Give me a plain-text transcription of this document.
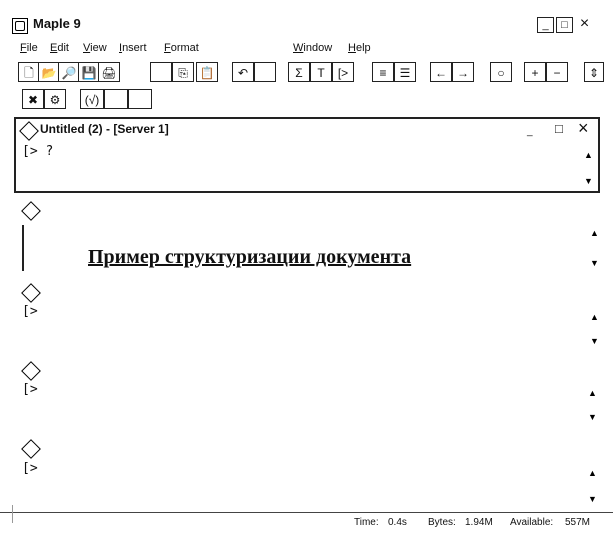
Maple 9	_	□ ×
File Edit View Insert Format	Window Help
🗋 📂 🔎 💾 🖨	⎘ 📋	↶	Σ	T	[>	≡	☰	← →	○	+	−	⇕
✖ ⚙	(√)
Untitled (2) - [Server 1]	_ □ ×
[> ?	▲
▼
Пример структуризации документа
▲
▼
[>	▲
▼
[>	▲
▼
[>	▲
▼
Time: 0.4s Bytes: 1.94M Available: 557M
